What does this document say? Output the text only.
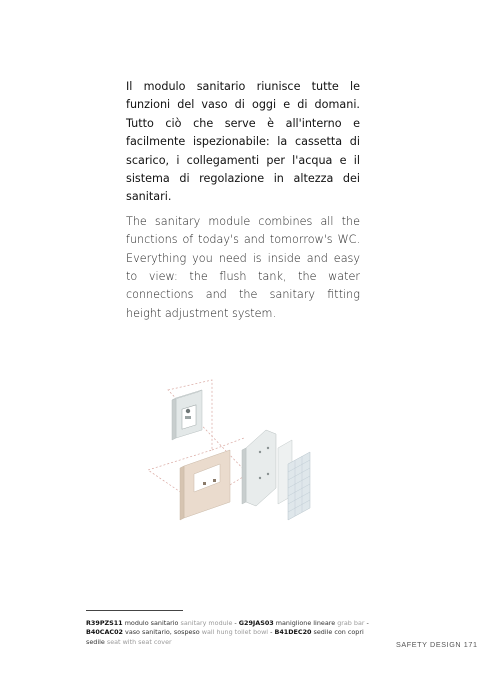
Il modulo sanitario riunisce tutte le funzioni del vaso di oggi e di domani. Tutto ciò che serve è all'interno e facilmente ispezionabile: la cassetta di scarico, i collegamenti per l'acqua e il sistema di regolazione in altezza dei sanitari.

The sanitary module combines all the functions of today's and tomorrow's WC. Everything you need is inside and easy to view: the flush tank, the water connections and the sanitary fitting height adjustment system.

R39PZS11 modulo sanitario sanitary module - G29JAS03 maniglione lineare grab bar - B40CAC02 vaso sanitario, sospeso wall hung toilet bowl - B41DEC20 sedile con copri sedile seat with seat cover	SAFETY DESIGN 171
